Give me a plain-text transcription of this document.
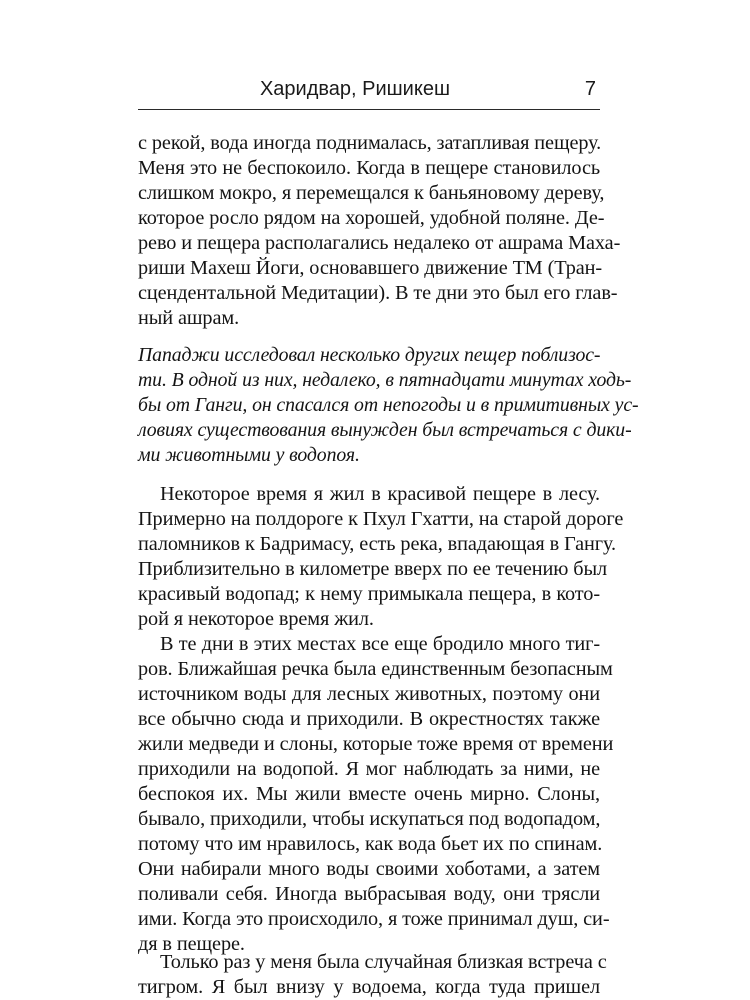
Харидвар, Ришикеш	7
с рекой, вода иногда поднималась, затапливая пещеру.
Меня это не беспокоило. Когда в пещере становилось
слишком мокро, я перемещался к баньяновому дереву,
которое росло рядом на хорошей, удобной поляне. Де-
рево и пещера располагались недалеко от ашрама Маха-
риши Махеш Йоги, основавшего движение ТМ (Тран-
сцендентальной Медитации). В те дни это был его глав-
ный ашрам.
Пападжи исследовал несколько других пещер поблизос-
ти. В одной из них, недалеко, в пятнадцати минутах ходь-
бы от Ганги, он спасался от непогоды и в примитивных ус-
ловиях существования вынужден был встречаться с дики-
ми животными у водопоя.
Некоторое время я жил в красивой пещере в лесу.
Примерно на полдороге к Пхул Гхатти, на старой дороге
паломников к Бадримасу, есть река, впадающая в Гангу.
Приблизительно в километре вверх по ее течению был
красивый водопад; к нему примыкала пещера, в кото-
рой я некоторое время жил.
В те дни в этих местах все еще бродило много тиг-
ров. Ближайшая речка была единственным безопасным
источником воды для лесных животных, поэтому они
все обычно сюда и приходили. В окрестностях также
жили медведи и слоны, которые тоже время от времени
приходили на водопой. Я мог наблюдать за ними, не
беспокоя их. Мы жили вместе очень мирно. Слоны,
бывало, приходили, чтобы искупаться под водопадом,
потому что им нравилось, как вода бьет их по спинам.
Они набирали много воды своими хоботами, а затем
поливали себя. Иногда выбрасывая воду, они трясли
ими. Когда это происходило, я тоже принимал душ, си-
дя в пещере.
Только раз у меня была случайная близкая встреча с
тигром. Я был внизу у водоема, когда туда пришел
